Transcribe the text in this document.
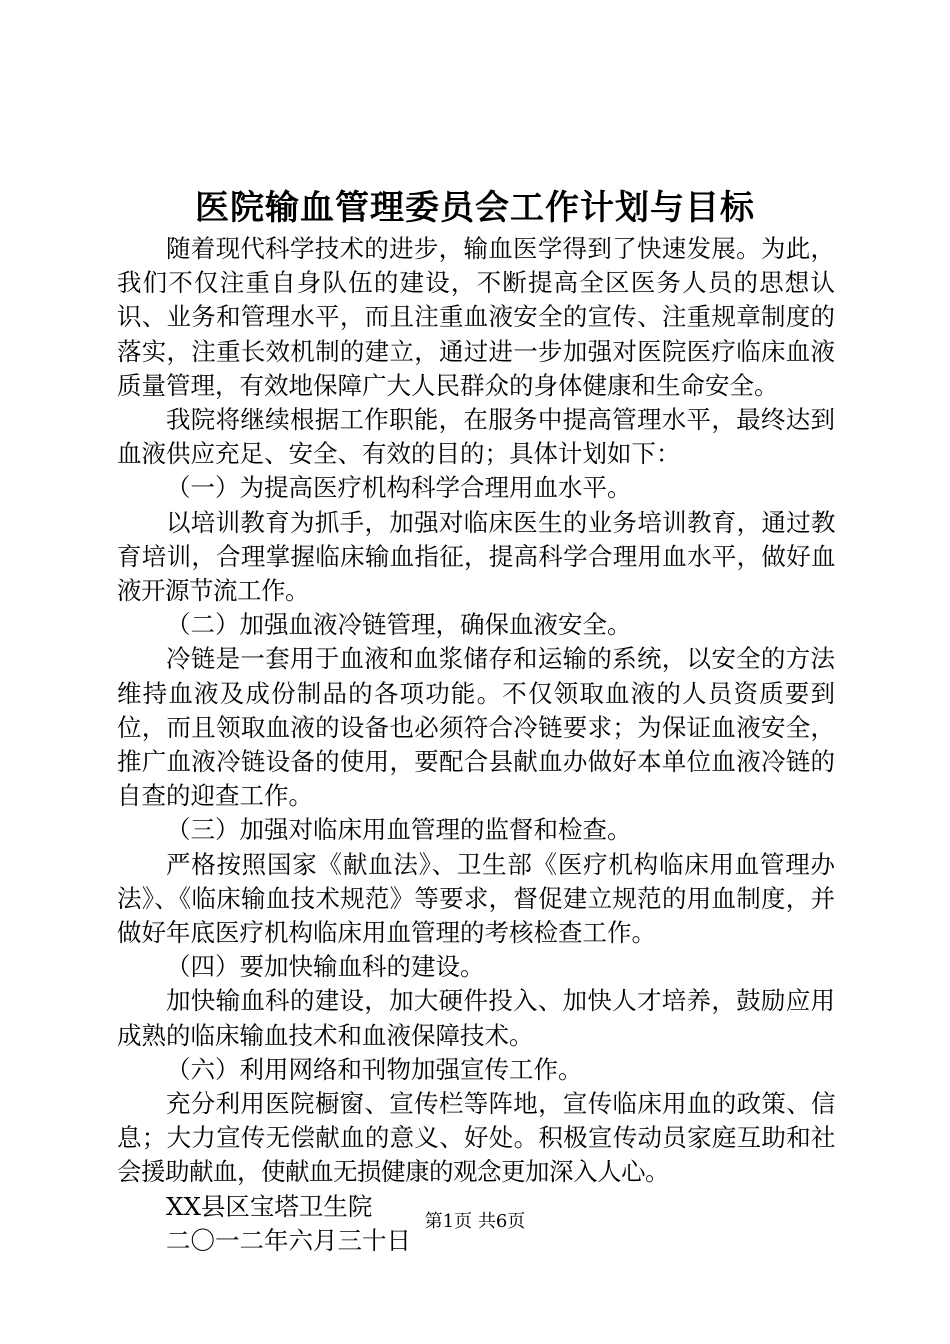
医院输血管理委员会工作计划与目标

随着现代科学技术的进步，输血医学得到了快速发展。为此，我们不仅注重自身队伍的建设，不断提高全区医务人员的思想认识、业务和管理水平，而且注重血液安全的宣传、注重规章制度的落实，注重长效机制的建立，通过进一步加强对医院医疗临床血液质量管理，有效地保障广大人民群众的身体健康和生命安全。

我院将继续根据工作职能，在服务中提高管理水平，最终达到血液供应充足、安全、有效的目的；具体计划如下：

（一）为提高医疗机构科学合理用血水平。

以培训教育为抓手，加强对临床医生的业务培训教育，通过教育培训，合理掌握临床输血指征，提高科学合理用血水平，做好血液开源节流工作。

（二）加强血液冷链管理，确保血液安全。

冷链是一套用于血液和血浆储存和运输的系统，以安全的方法维持血液及成份制品的各项功能。不仅领取血液的人员资质要到位，而且领取血液的设备也必须符合冷链要求；为保证血液安全，推广血液冷链设备的使用，要配合县献血办做好本单位血液冷链的自查的迎查工作。

（三）加强对临床用血管理的监督和检查。

严格按照国家《献血法》、卫生部《医疗机构临床用血管理办法》、《临床输血技术规范》等要求，督促建立规范的用血制度，并做好年底医疗机构临床用血管理的考核检查工作。

（四）要加快输血科的建设。

加快输血科的建设，加大硬件投入、加快人才培养，鼓励应用成熟的临床输血技术和血液保障技术。

（六）利用网络和刊物加强宣传工作。

充分利用医院橱窗、宣传栏等阵地，宣传临床用血的政策、信息；大力宣传无偿献血的意义、好处。积极宣传动员家庭互助和社会援助献血，使献血无损健康的观念更加深入人心。

XX县区宝塔卫生院

二〇一二年六月三十日

第1页 共6页
